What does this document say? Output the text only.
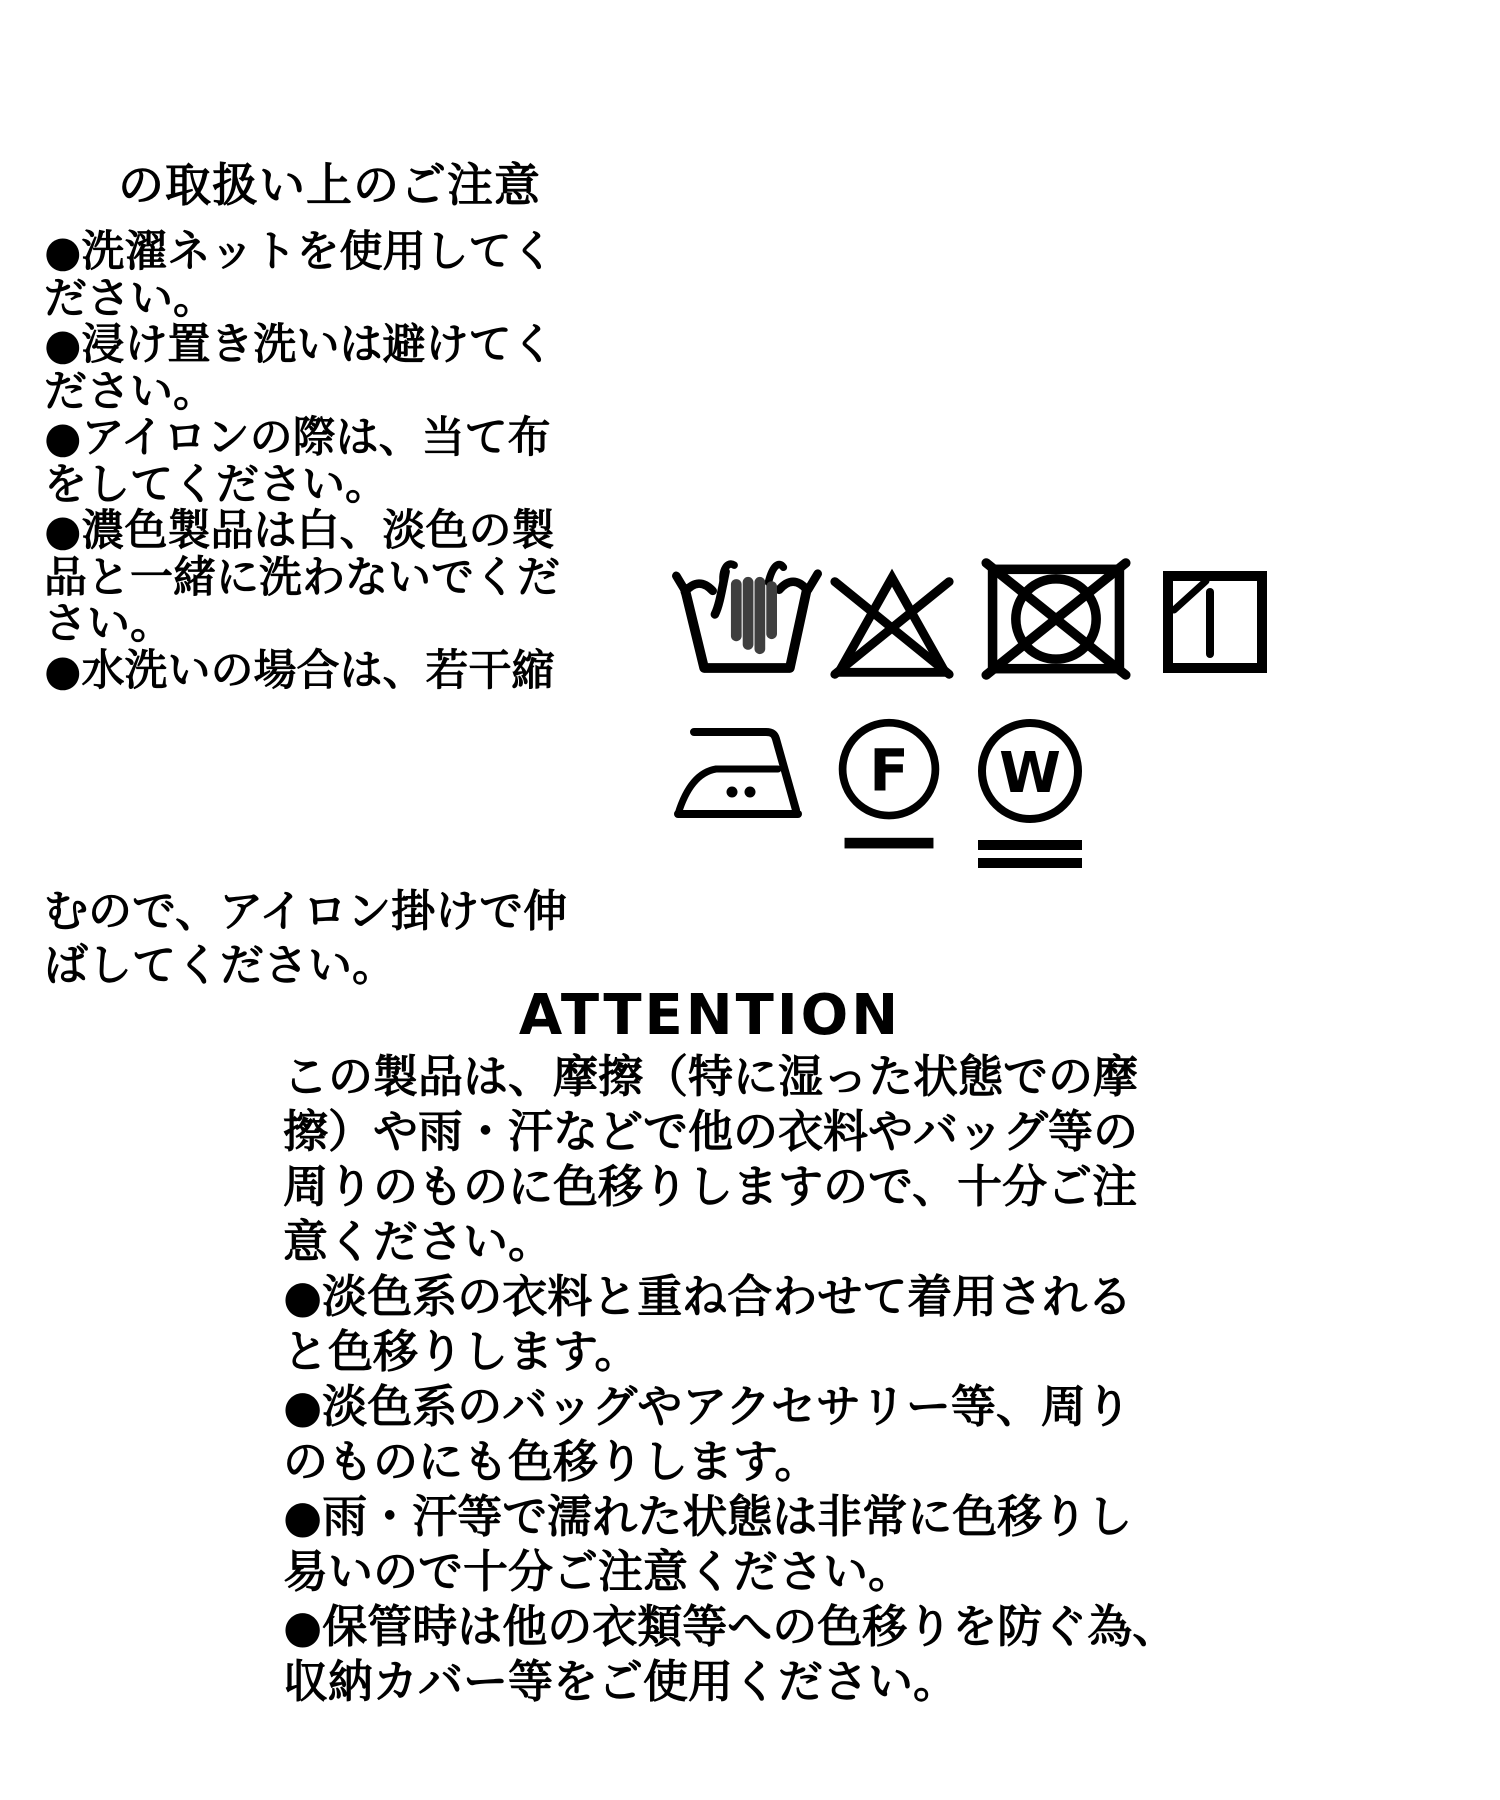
の取扱い上のご注意
●洗濯ネットを使用してく
ださい。
●浸け置き洗いは避けてく
ださい。
●アイロンの際は、当て布
をしてください。
●濃色製品は白、淡色の製
品と一緒に洗わないでくだ
さい。
●水洗いの場合は、若干縮
むので、アイロン掛けで伸
ばしてください。
F W
ATTENTION
この製品は、摩擦（特に湿った状態での摩
擦）や雨・汗などで他の衣料やバッグ等の
周りのものに色移りしますので、十分ご注
意ください。
●淡色系の衣料と重ね合わせて着用される
と色移りします。
●淡色系のバッグやアクセサリー等、周り
のものにも色移りします。
●雨・汗等で濡れた状態は非常に色移りし
易いので十分ご注意ください。
●保管時は他の衣類等への色移りを防ぐ為、
収納カバー等をご使用ください。
